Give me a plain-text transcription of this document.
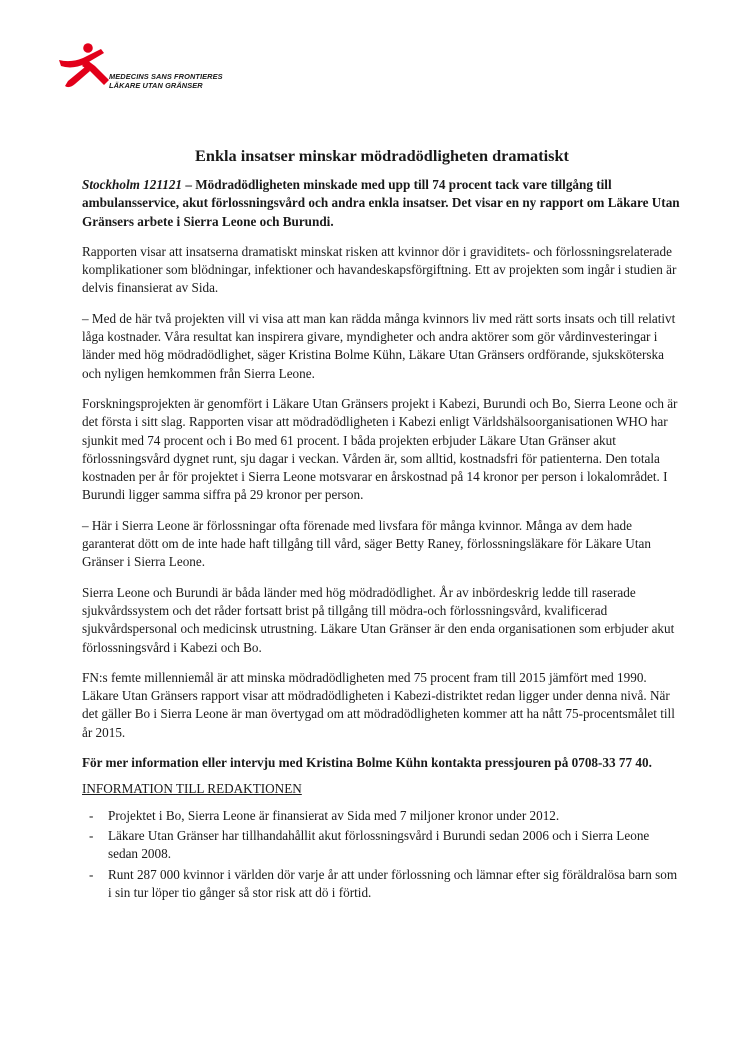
MEDECINS SANS FRONTIERES
LÄKARE UTAN GRÄNSER
Enkla insatser minskar mödradödligheten dramatiskt

Stockholm 121121 – Mödradödligheten minskade med upp till 74 procent tack vare tillgång till ambulansservice, akut förlossningsvård och andra enkla insatser. Det visar en ny rapport om Läkare Utan Gränsers arbete i Sierra Leone och Burundi.

Rapporten visar att insatserna dramatiskt minskat risken att kvinnor dör i graviditets- och förlossningsrelaterade komplikationer som blödningar, infektioner och havandeskapsförgiftning. Ett av projekten som ingår i studien är delvis finansierat av Sida.

– Med de här två projekten vill vi visa att man kan rädda många kvinnors liv med rätt sorts insats och till relativt låga kostnader. Våra resultat kan inspirera givare, myndigheter och andra aktörer som gör vårdinvesteringar i länder med hög mödradödlighet, säger Kristina Bolme Kühn, Läkare Utan Gränsers ordförande, sjuksköterska och nyligen hemkommen från Sierra Leone.

Forskningsprojekten är genomfört i Läkare Utan Gränsers projekt i Kabezi, Burundi och Bo, Sierra Leone och är det första i sitt slag. Rapporten visar att mödradödligheten i Kabezi enligt Världshälsoorganisationen WHO har sjunkit med 74 procent och i Bo med 61 procent. I båda projekten erbjuder Läkare Utan Gränser akut förlossningsvård dygnet runt, sju dagar i veckan. Vården är, som alltid, kostnadsfri för patienterna. Den totala kostnaden per år för projektet i Sierra Leone motsvarar en årskostnad på 14 kronor per person i lokalområdet. I Burundi ligger samma siffra på 29 kronor per person.

– Här i Sierra Leone är förlossningar ofta förenade med livsfara för många kvinnor. Många av dem hade garanterat dött om de inte hade haft tillgång till vård, säger Betty Raney, förlossningsläkare för Läkare Utan Gränser i Sierra Leone.

Sierra Leone och Burundi är båda länder med hög mödradödlighet. År av inbördeskrig ledde till raserade sjukvårdssystem och det råder fortsatt brist på tillgång till mödra-och förlossningsvård, kvalificerad sjukvårdspersonal och medicinsk utrustning. Läkare Utan Gränser är den enda organisationen som erbjuder akut förlossningsvård i Kabezi och Bo.

FN:s femte millenniemål är att minska mödradödligheten med 75 procent fram till 2015 jämfört med 1990. Läkare Utan Gränsers rapport visar att mödradödligheten i Kabezi-distriktet redan ligger under denna nivå. När det gäller Bo i Sierra Leone är man övertygad om att mödradödligheten kommer att ha nått 75-procentsmålet till år 2015.

För mer information eller intervju med Kristina Bolme Kühn kontakta pressjouren på 0708-33 77 40.

INFORMATION TILL REDAKTIONEN

- Projektet i Bo, Sierra Leone är finansierat av Sida med 7 miljoner kronor under 2012.
- Läkare Utan Gränser har tillhandahållit akut förlossningsvård i Burundi sedan 2006 och i Sierra Leone sedan 2008.
- Runt 287 000 kvinnor i världen dör varje år att under förlossning och lämnar efter sig föräldralösa barn som i sin tur löper tio gånger så stor risk att dö i förtid.
